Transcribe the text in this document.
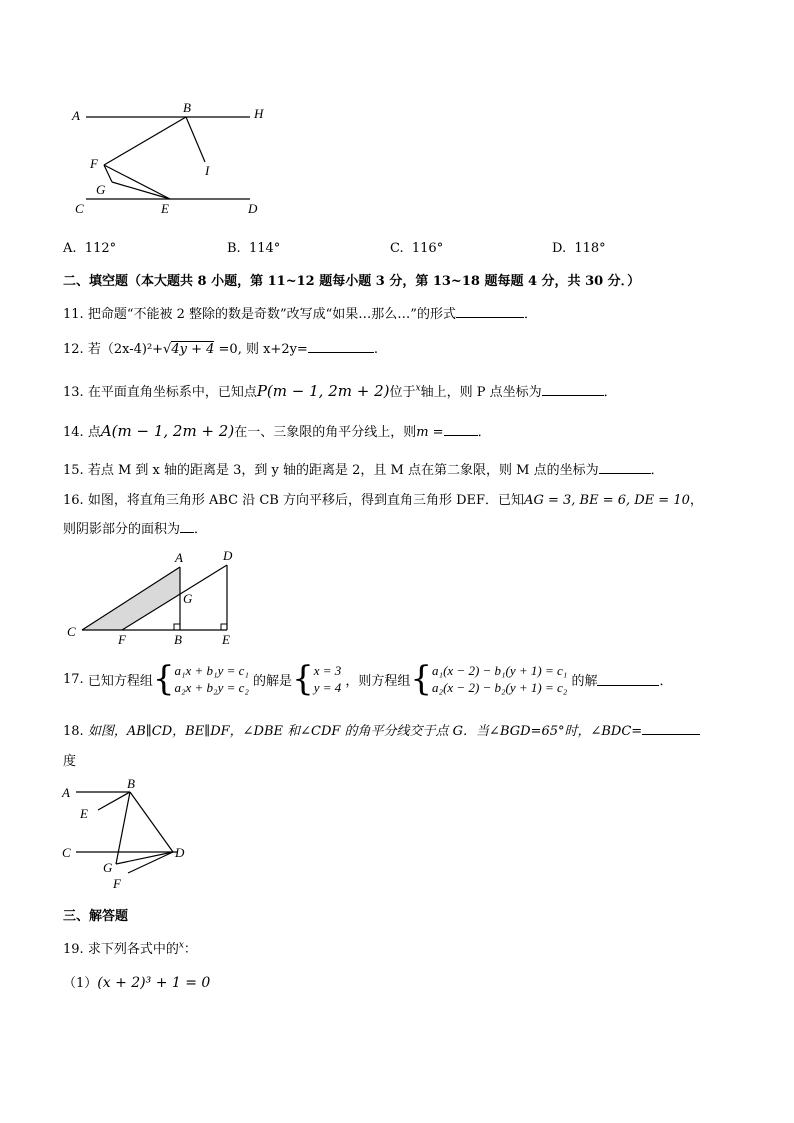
A
B	H
F	I
G
C	E	D
A. 112°	B. 114°	C. 116°	D. 118°
二、填空题（本大题共 8 小题，第 11~12 题每小题 3 分，第 13~18 题每题 4 分，共 30 分．）
11. 把命题“不能被 2 整除的数是奇数”改写成“如果…那么…”的形式	．
12. 若（2x-4)²+√4y + 4 =0, 则 x+2y=	.
13. 在平面直角坐标系中，已知点P(m − 1, 2m + 2)位于$^x$轴上，则 P 点坐标为	．
14. 点A(m − 1, 2m + 2)在一、三象限的角平分线上，则m =	．
15. 若点 M 到 x 轴的距离是 3，到 y 轴的距离是 2，且 M 点在第二象限，则 M 点的坐标为	．
16. 如图，将直角三角形 ABC 沿 CB 方向平移后，得到直角三角形 DEF．已知AG = 3, BE = 6, DE = 10，
则阴影部分的面积为 ．
A	D
G
C
F	B	E
17.
已知方程组 { a₁x + b₁y = c₁
a₂x + b₂y = c₂
的解是 { x = 3
y = 4
，则方程组 { a₁(x − 2) − b₁(y + 1) = c₁
a₂(x − 2) − b₂(y + 1) = c₂
的解	．
18. 如图，AB∥CD，BE∥DF，∠DBE 和∠CDF 的角平分线交于点 G．当∠BGD=65°时，∠BDC=
度
A
B
E
C	D
G
F
三、解答题
19. 求下列各式中的$^x$：
（1）(x + 2)³ + 1 = 0
